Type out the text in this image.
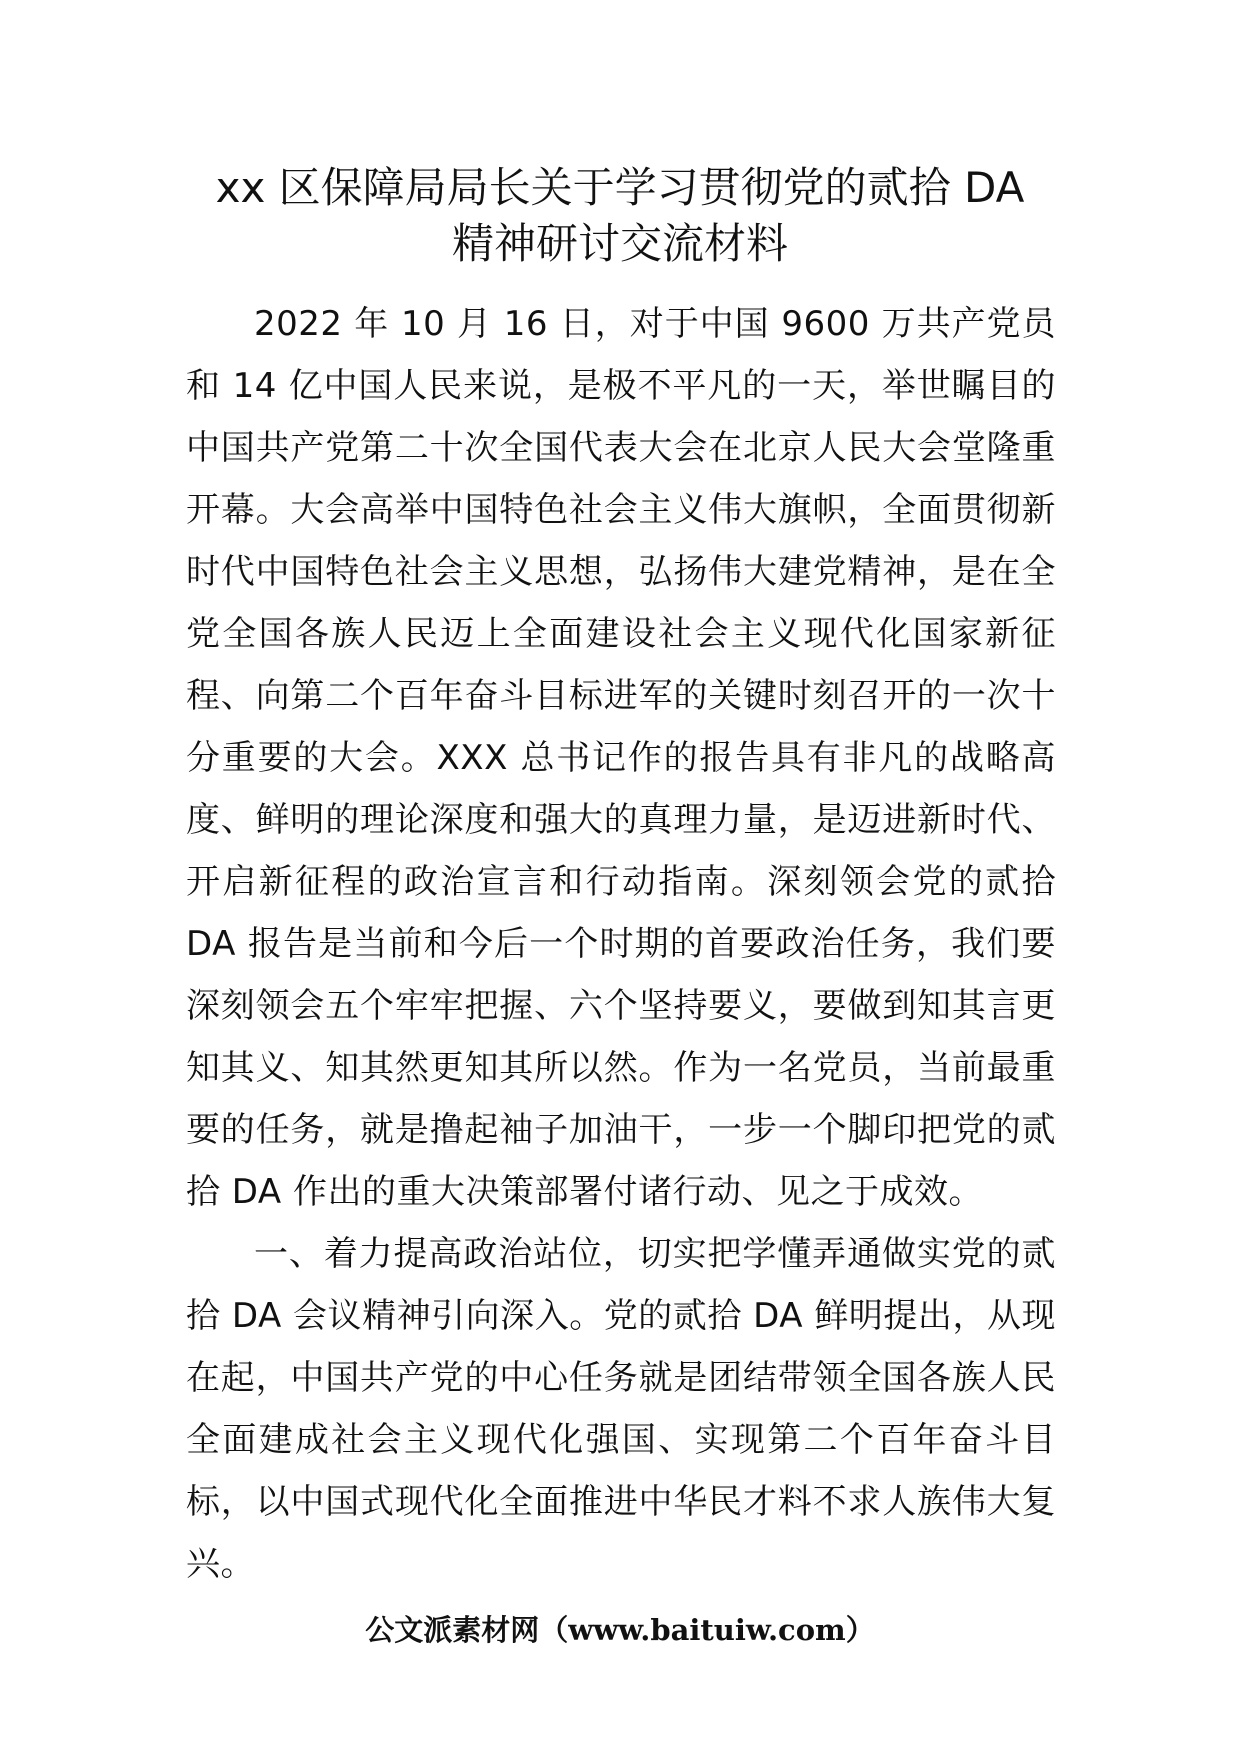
xx 区保障局局长关于学习贯彻党的贰拾 DA
精神研讨交流材料

2022 年 10 月 16 日，对于中国 9600 万共产党员和 14 亿中国人民来说，是极不平凡的一天，举世瞩目的中国共产党第二十次全国代表大会在北京人民大会堂隆重开幕。大会高举中国特色社会主义伟大旗帜，全面贯彻新时代中国特色社会主义思想，弘扬伟大建党精神，是在全党全国各族人民迈上全面建设社会主义现代化国家新征程、向第二个百年奋斗目标进军的关键时刻召开的一次十分重要的大会。XXX 总书记作的报告具有非凡的战略高度、鲜明的理论深度和强大的真理力量，是迈进新时代、开启新征程的政治宣言和行动指南。深刻领会党的贰拾 DA 报告是当前和今后一个时期的首要政治任务，我们要深刻领会五个牢牢把握、六个坚持要义，要做到知其言更知其义、知其然更知其所以然。作为一名党员，当前最重要的任务，就是撸起袖子加油干，一步一个脚印把党的贰拾 DA 作出的重大决策部署付诸行动、见之于成效。

一、着力提高政治站位，切实把学懂弄通做实党的贰拾 DA 会议精神引向深入。党的贰拾 DA 鲜明提出，从现在起，中国共产党的中心任务就是团结带领全国各族人民全面建成社会主义现代化强国、实现第二个百年奋斗目标，以中国式现代化全面推进中华民才料不求人族伟大复兴。

公文派素材网（www.baituiw.com）
